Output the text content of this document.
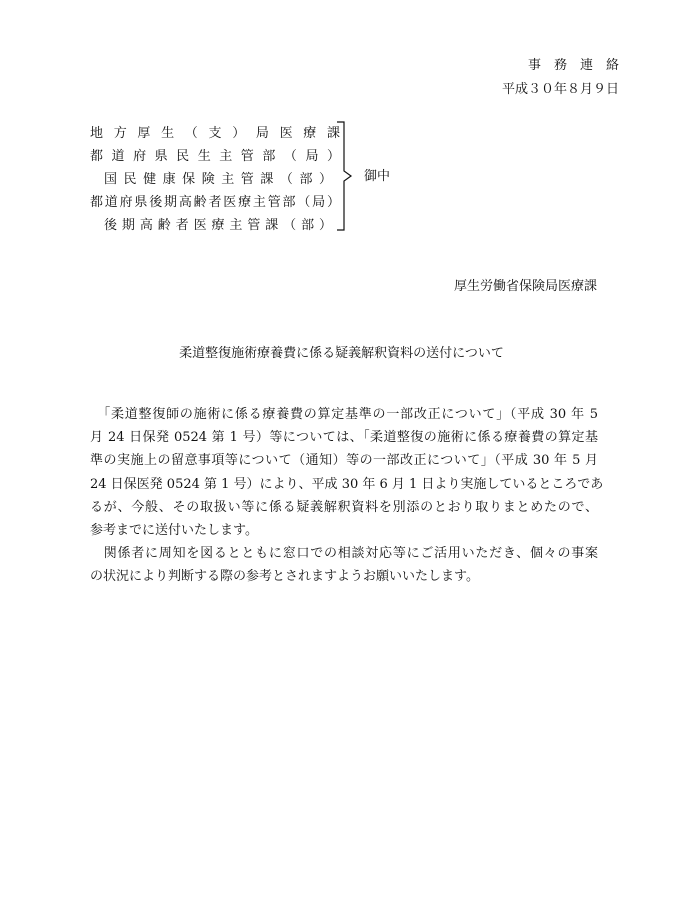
事務連絡
平成３０年８月９日
地方厚生（支）局医療課
都道府県民生主管部（局）
国民健康保険主管課（部）
都道府県後期高齢者医療主管部（局）
後期高齢者医療主管課（部）
御中
厚生労働省保険局医療課
柔道整復施術療養費に係る疑義解釈資料の送付について
　「柔道整復師の施術に係る療養費の算定基準の一部改正について」（平成 30 年 5
月 24 日保発 0524 第 1 号）等については、「柔道整復の施術に係る療養費の算定基
準の実施上の留意事項等について（通知）等の一部改正について」（平成 30 年 5 月
24 日保医発 0524 第 1 号）により、平成 30 年 6 月 1 日より実施しているところであ
るが、今般、その取扱い等に係る疑義解釈資料を別添のとおり取りまとめたので、
参考までに送付いたします。
　関係者に周知を図るとともに窓口での相談対応等にご活用いただき、個々の事案
の状況により判断する際の参考とされますようお願いいたします。
